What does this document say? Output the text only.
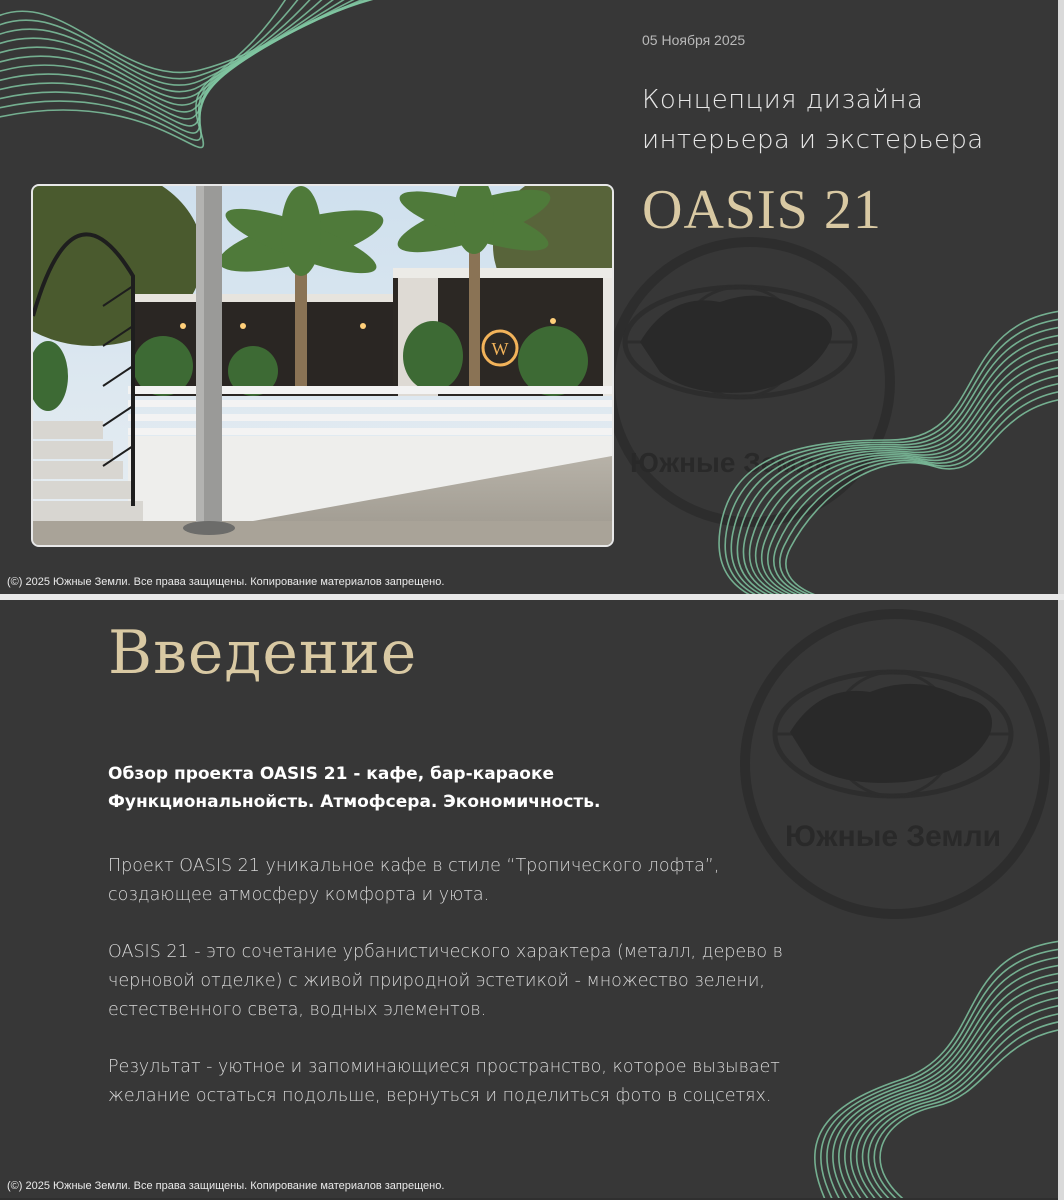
Южные Земли
05 Ноября 2025
Концепция дизайна
интерьера и экстерьера
OASIS 21
W
(©) 2025 Южные Земли. Все права защищены. Копирование материалов запрещено.
Южные Земли
Введение
Обзор проекта OASIS 21 - кафе, бар-караоке
Функциональнойсть. Атмофсера. Экономичность.
Проект OASIS 21 уникальное кафе в стиле “Тропического лофта”,
создающее атмосферу комфорта и уюта.
OASIS 21 - это сочетание урбанистического характера (металл, дерево в
черновой отделке) с живой природной эстетикой - множество зелени,
естественного света, водных элементов.
Результат - уютное и запоминающиеся пространство, которое вызывает
желание остаться подольше, вернуться и поделиться фото в соцсетях.
(©) 2025 Южные Земли. Все права защищены. Копирование материалов запрещено.
